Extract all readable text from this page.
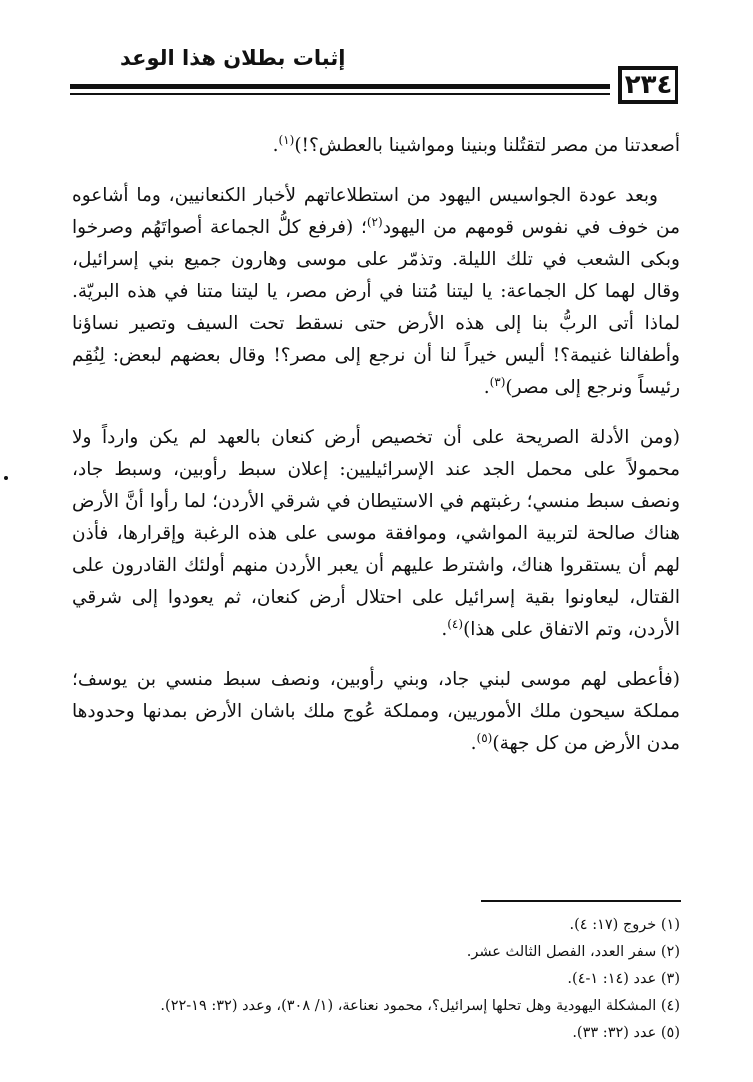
إثبات بطلان هذا الوعد
٢٣٤

أصعدتنا من مصر لتقتُلنا وبنينا ومواشينا بالعطش؟!)$^{(١)}$.

وبعد عودة الجواسيس اليهود من استطلاعاتهم لأخبار الكنعانيين، وما أشاعوه من خوف في نفوس قومهم من اليهود$^{(٢)}$؛ (فرفع كلُّ الجماعة أصواتَهُم وصرخوا وبكى الشعب في تلك الليلة. وتذمّر على موسى وهارون جميع بني إسرائيل، وقال لهما كل الجماعة: يا ليتنا مُتنا في أرض مصر، يا ليتنا متنا في هذه البريّة. لماذا أتى الربُّ بنا إلى هذه الأرض حتى نسقط تحت السيف وتصير نساؤنا وأطفالنا غنيمة؟! أليس خيراً لنا أن نرجع إلى مصر؟! وقال بعضهم لبعض: لِنُقِم رئيساً ونرجع إلى مصر)$^{(٣)}$.

(ومن الأدلة الصريحة على أن تخصيص أرض كنعان بالعهد لم يكن وارداً ولا محمولاً على محمل الجد عند الإسرائيليين: إعلان سبط رأوبين، وسبط جاد، ونصف سبط منسي؛ رغبتهم في الاستيطان في شرقي الأردن؛ لما رأوا أنَّ الأرض هناك صالحة لتربية المواشي، وموافقة موسى على هذه الرغبة وإقرارها، فأذن لهم أن يستقروا هناك، واشترط عليهم أن يعبر الأردن منهم أولئك القادرون على القتال، ليعاونوا بقية إسرائيل على احتلال أرض كنعان، ثم يعودوا إلى شرقي الأردن، وتم الاتفاق على هذا)$^{(٤)}$.

(فأعطى لهم موسى لبني جاد، وبني رأوبين، ونصف سبط منسي بن يوسف؛ مملكة سيحون ملك الأموريين، ومملكة عُوج ملك باشان الأرض بمدنها وحدودها مدن الأرض من كل جهة)$^{(٥)}$.

(١) خروج (١٧: ٤).
(٢) سفر العدد، الفصل الثالث عشر.
(٣) عدد (١٤: ١-٤).
(٤) المشكلة اليهودية وهل تحلها إسرائيل؟، محمود نعناعة، (١/ ٣٠٨)، وعدد (٣٢: ١٩-٢٢).
(٥) عدد (٣٢: ٣٣).
